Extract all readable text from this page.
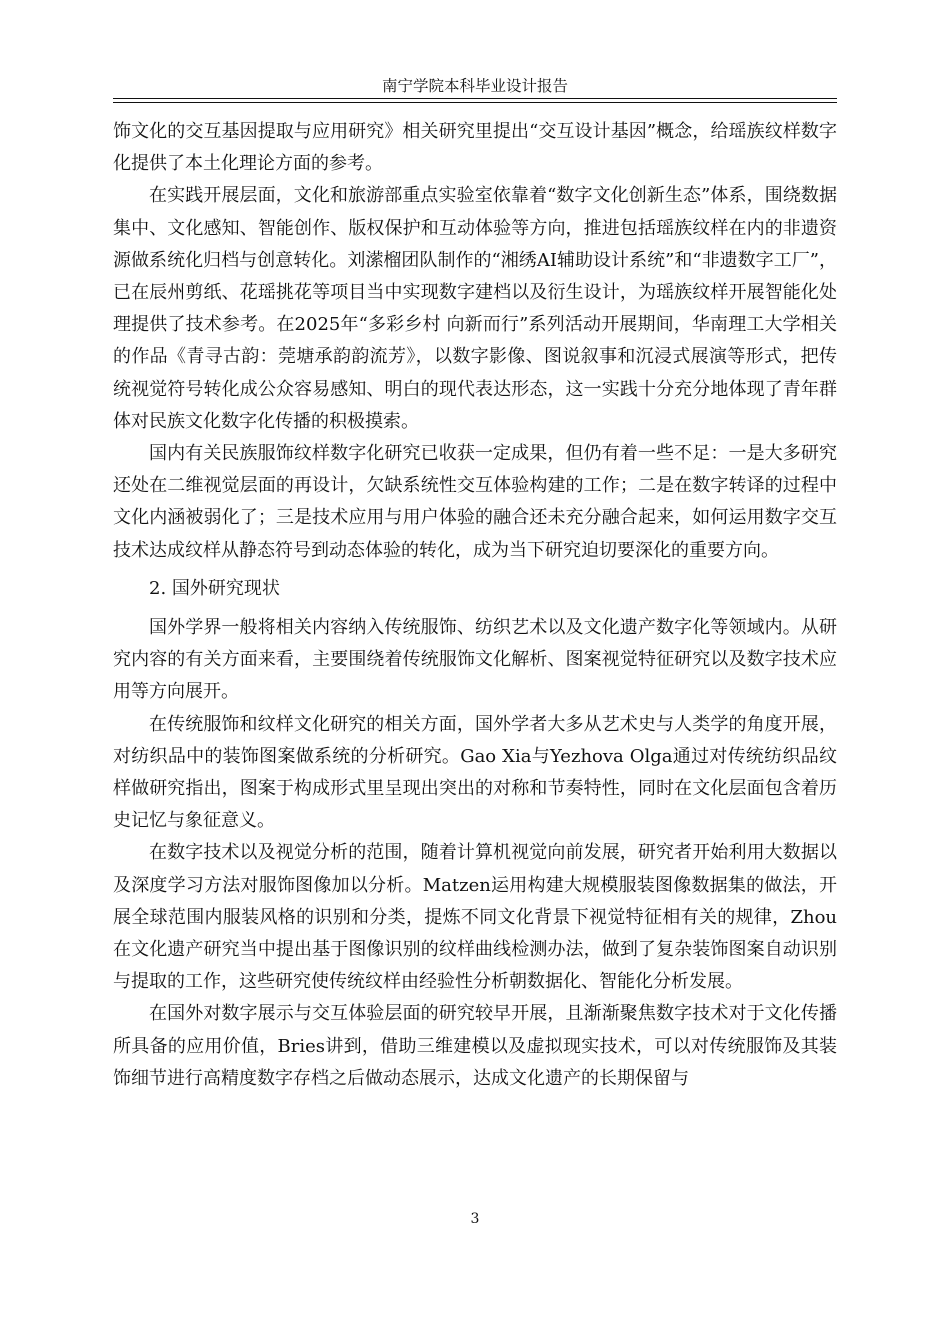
南宁学院本科毕业设计报告

饰文化的交互基因提取与应用研究》相关研究里提出“交互设计基因”概念，给瑶族纹样数字化提供了本土化理论方面的参考。

在实践开展层面，文化和旅游部重点实验室依靠着“数字文化创新生态”体系，围绕数据集中、文化感知、智能创作、版权保护和互动体验等方向，推进包括瑶族纹样在内的非遗资源做系统化归档与创意转化。刘潆榴团队制作的“湘绣AI辅助设计系统”和“非遗数字工厂”，已在辰州剪纸、花瑶挑花等项目当中实现数字建档以及衍生设计，为瑶族纹样开展智能化处理提供了技术参考。在2025年“多彩乡村 向新而行”系列活动开展期间，华南理工大学相关的作品《青寻古韵：莞塘承韵韵流芳》，以数字影像、图说叙事和沉浸式展演等形式，把传统视觉符号转化成公众容易感知、明白的现代表达形态，这一实践十分充分地体现了青年群体对民族文化数字化传播的积极摸索。

国内有关民族服饰纹样数字化研究已收获一定成果，但仍有着一些不足：一是大多研究还处在二维视觉层面的再设计，欠缺系统性交互体验构建的工作；二是在数字转译的过程中文化内涵被弱化了；三是技术应用与用户体验的融合还未充分融合起来，如何运用数字交互技术达成纹样从静态符号到动态体验的转化，成为当下研究迫切要深化的重要方向。

2. 国外研究现状

国外学界一般将相关内容纳入传统服饰、纺织艺术以及文化遗产数字化等领域内。从研究内容的有关方面来看，主要围绕着传统服饰文化解析、图案视觉特征研究以及数字技术应用等方向展开。

在传统服饰和纹样文化研究的相关方面，国外学者大多从艺术史与人类学的角度开展，对纺织品中的装饰图案做系统的分析研究。Gao Xia与Yezhova Olga通过对传统纺织品纹样做研究指出，图案于构成形式里呈现出突出的对称和节奏特性，同时在文化层面包含着历史记忆与象征意义。

在数字技术以及视觉分析的范围，随着计算机视觉向前发展，研究者开始利用大数据以及深度学习方法对服饰图像加以分析。Matzen运用构建大规模服装图像数据集的做法，开展全球范围内服装风格的识别和分类，提炼不同文化背景下视觉特征相有关的规律，Zhou在文化遗产研究当中提出基于图像识别的纹样曲线检测办法，做到了复杂装饰图案自动识别与提取的工作，这些研究使传统纹样由经验性分析朝数据化、智能化分析发展。

在国外对数字展示与交互体验层面的研究较早开展，且渐渐聚焦数字技术对于文化传播所具备的应用价值，Bries讲到，借助三维建模以及虚拟现实技术，可以对传统服饰及其装饰细节进行高精度数字存档之后做动态展示，达成文化遗产的长期保留与

3
